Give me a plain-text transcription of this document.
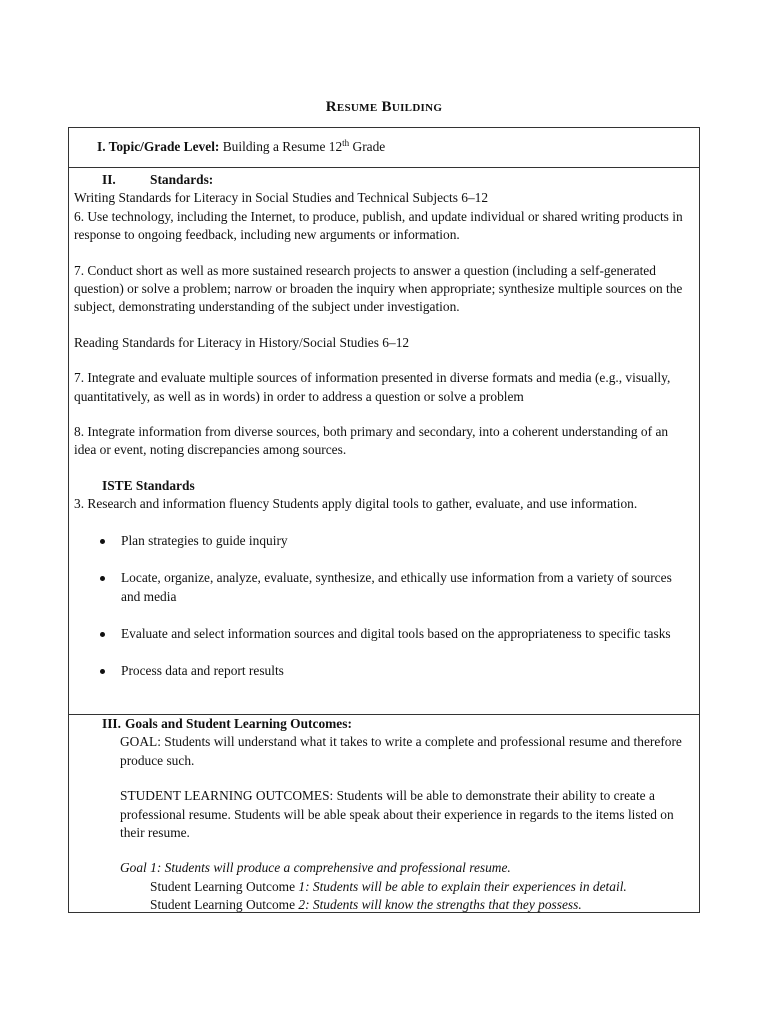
Resume Building

I. Topic/Grade Level: Building a Resume 12th Grade

II.	Standards:

Writing Standards for Literacy in Social Studies and Technical Subjects 6–12

6. Use technology, including the Internet, to produce, publish, and update individual or shared writing products in response to ongoing feedback, including new arguments or information.

7. Conduct short as well as more sustained research projects to answer a question (including a self-generated question) or solve a problem; narrow or broaden the inquiry when appropriate; synthesize multiple sources on the subject, demonstrating understanding of the subject under investigation.

Reading Standards for Literacy in History/Social Studies 6–12

7. Integrate and evaluate multiple sources of information presented in diverse formats and media (e.g., visually, quantitatively, as well as in words) in order to address a question or solve a problem

8. Integrate information from diverse sources, both primary and secondary, into a coherent understanding of an idea or event, noting discrepancies among sources.

ISTE Standards

3. Research and information fluency Students apply digital tools to gather, evaluate, and use information.

Plan strategies to guide inquiry
Locate, organize, analyze, evaluate, synthesize, and ethically use information from a variety of sources and media
Evaluate and select information sources and digital tools based on the appropriateness to specific tasks
Process data and report results

III. Goals and Student Learning Outcomes:

GOAL: Students will understand what it takes to write a complete and professional resume and therefore produce such.

STUDENT LEARNING OUTCOMES: Students will be able to demonstrate their ability to create a professional resume. Students will be able speak about their experience in regards to the items listed on their resume.

Goal 1: Students will produce a comprehensive and professional resume.

Student Learning Outcome 1: Students will be able to explain their experiences in detail.

Student Learning Outcome 2: Students will know the strengths that they possess.
